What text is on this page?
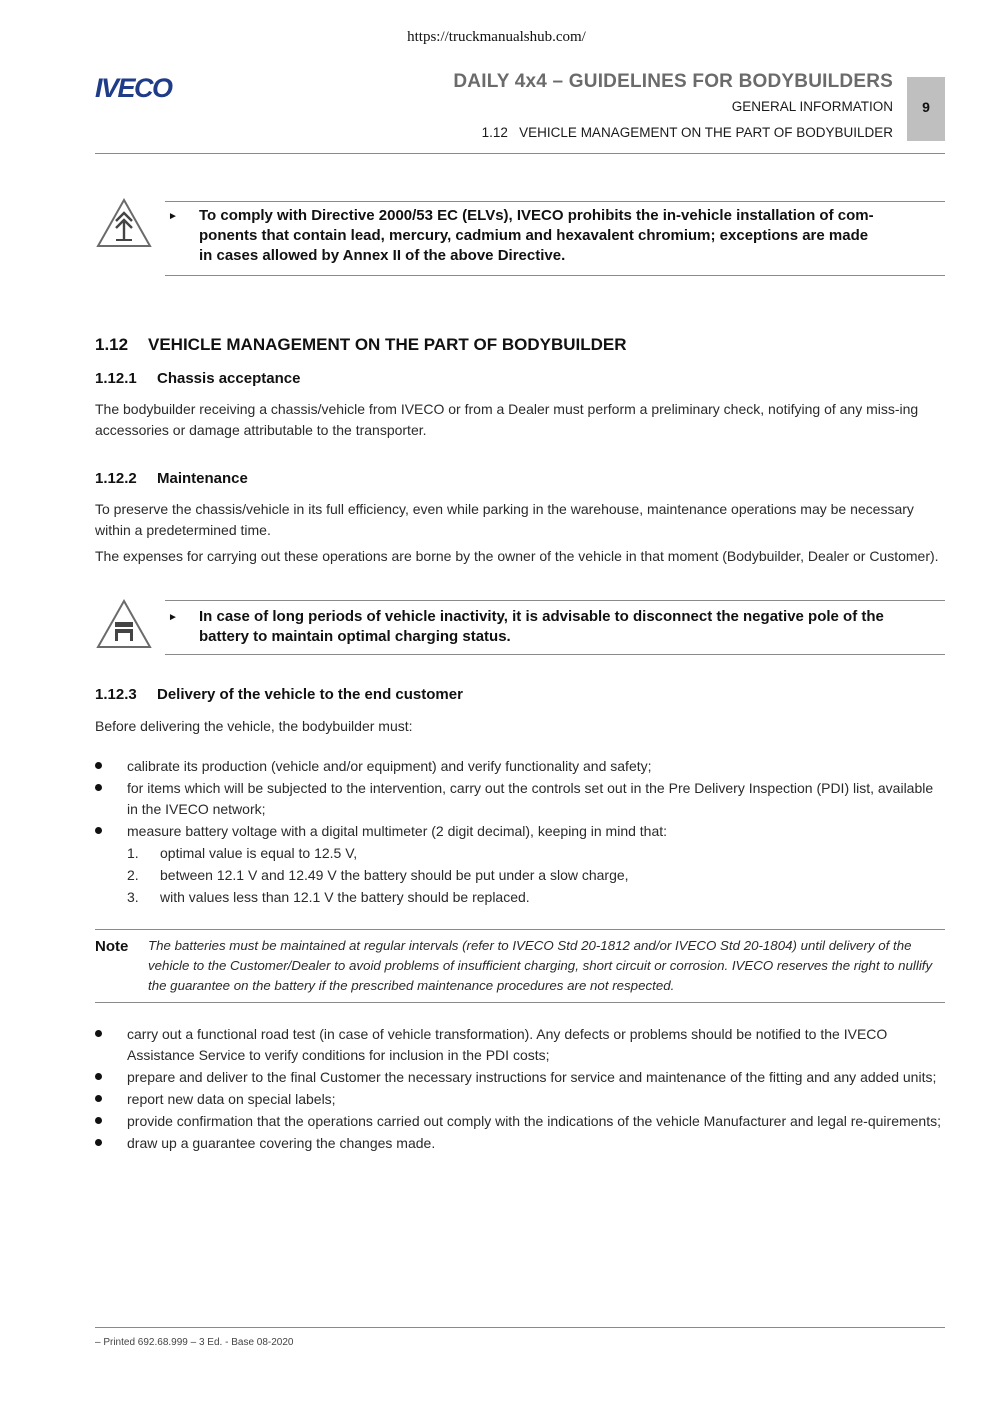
https://truckmanualshub.com/
IVECO	DAILY 4x4 – GUIDELINES FOR BODYBUILDERS
GENERAL INFORMATION
1.12   VEHICLE MANAGEMENT ON THE PART OF BODYBUILDER
9
► To comply with Directive 2000/53 EC (ELVs), IVECO prohibits the in-vehicle installation of com-
ponents that contain lead, mercury, cadmium and hexavalent chromium; exceptions are made
in cases allowed by Annex II of the above Directive.
1.12 VEHICLE MANAGEMENT ON THE PART OF BODYBUILDER
1.12.1 Chassis acceptance
The bodybuilder receiving a chassis/vehicle from IVECO or from a Dealer must perform a preliminary check, notifying of any miss-ing accessories or damage attributable to the transporter.
1.12.2 Maintenance
To preserve the chassis/vehicle in its full efficiency, even while parking in the warehouse, maintenance operations may be necessary within a predetermined time.
The expenses for carrying out these operations are borne by the owner of the vehicle in that moment (Bodybuilder, Dealer or Customer).
► In case of long periods of vehicle inactivity, it is advisable to disconnect the negative pole of the
battery to maintain optimal charging status.
1.12.3 Delivery of the vehicle to the end customer
Before delivering the vehicle, the bodybuilder must:
calibrate its production (vehicle and/or equipment) and verify functionality and safety;
for items which will be subjected to the intervention, carry out the controls set out in the Pre Delivery Inspection (PDI) list, available in the IVECO network;
measure battery voltage with a digital multimeter (2 digit decimal), keeping in mind that:
1. optimal value is equal to 12.5 V,
2. between 12.1 V and 12.49 V the battery should be put under a slow charge,
3. with values less than 12.1 V the battery should be replaced.
Note The batteries must be maintained at regular intervals (refer to IVECO Std 20-1812 and/or IVECO Std 20-1804) until delivery of the vehicle to the Customer/Dealer to avoid problems of insufficient charging, short circuit or corrosion. IVECO reserves the right to nullify the guarantee on the battery if the prescribed maintenance procedures are not respected.
carry out a functional road test (in case of vehicle transformation). Any defects or problems should be notified to the IVECO Assistance Service to verify conditions for inclusion in the PDI costs;
prepare and deliver to the final Customer the necessary instructions for service and maintenance of the fitting and any added units;
report new data on special labels;
provide confirmation that the operations carried out comply with the indications of the vehicle Manufacturer and legal re-quirements;
draw up a guarantee covering the changes made.
– Printed 692.68.999 – 3 Ed. - Base 08-2020
